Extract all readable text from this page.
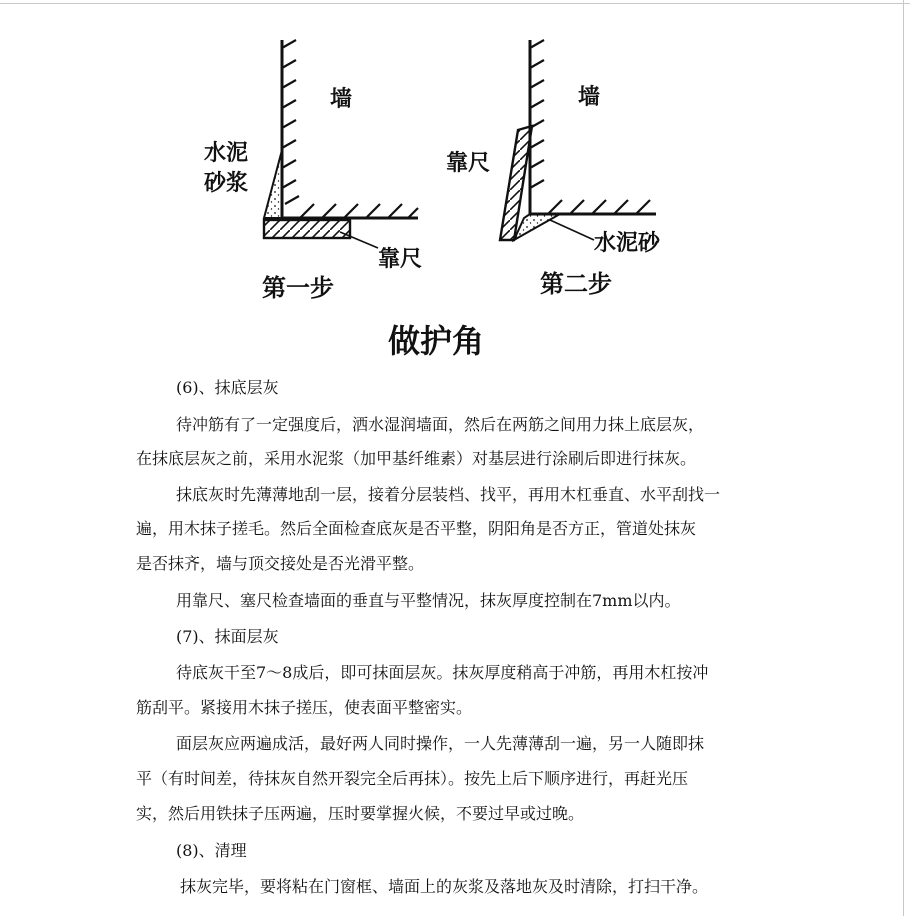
墙
水泥
砂浆
靠尺
第一步
墙
靠尺
水泥砂
第二步
做护角

(6)、抹底层灰

待冲筋有了一定强度后，洒水湿润墙面，然后在两筋之间用力抹上底层灰，

在抹底层灰之前，采用水泥浆（加甲基纤维素）对基层进行涂刷后即进行抹灰。

抹底灰时先薄薄地刮一层，接着分层装档、找平，再用木杠垂直、水平刮找一

遍，用木抹子搓毛。然后全面检查底灰是否平整，阴阳角是否方正，管道处抹灰

是否抹齐，墙与顶交接处是否光滑平整。

用靠尺、塞尺检查墙面的垂直与平整情况，抹灰厚度控制在7mm以内。

(7)、抹面层灰

待底灰干至7～8成后，即可抹面层灰。抹灰厚度稍高于冲筋，再用木杠按冲

筋刮平。紧接用木抹子搓压，使表面平整密实。

面层灰应两遍成活，最好两人同时操作，一人先薄薄刮一遍，另一人随即抹

平（有时间差，待抹灰自然开裂完全后再抹）。按先上后下顺序进行，再赶光压

实，然后用铁抹子压两遍，压时要掌握火候，不要过早或过晚。

(8)、清理

抹灰完毕，要将粘在门窗框、墙面上的灰浆及落地灰及时清除，打扫干净。
